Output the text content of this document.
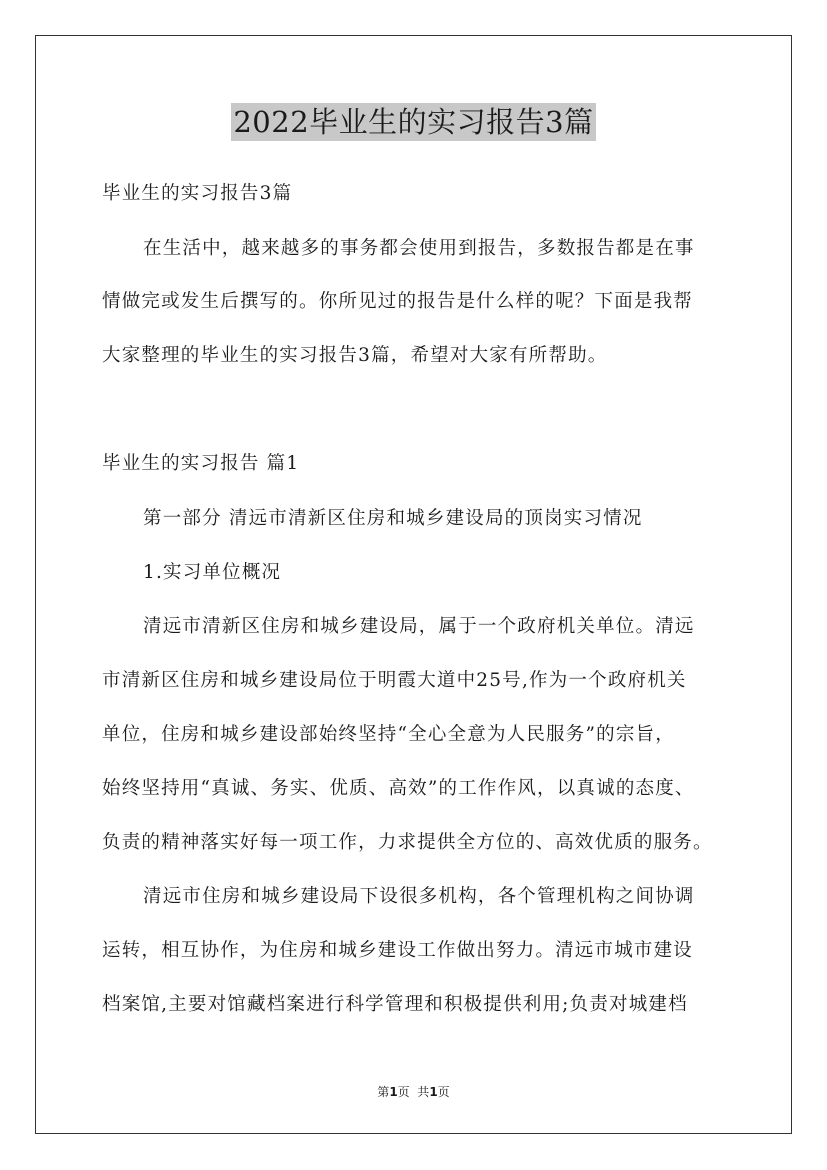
2022毕业生的实习报告3篇
毕业生的实习报告3篇
在生活中，越来越多的事务都会使用到报告，多数报告都是在事
情做完或发生后撰写的。你所见过的报告是什么样的呢？下面是我帮
大家整理的毕业生的实习报告3篇，希望对大家有所帮助。
毕业生的实习报告 篇1
第一部分 清远市清新区住房和城乡建设局的顶岗实习情况
1.实习单位概况
清远市清新区住房和城乡建设局，属于一个政府机关单位。清远
市清新区住房和城乡建设局位于明霞大道中25号,作为一个政府机关
单位，住房和城乡建设部始终坚持“全心全意为人民服务”的宗旨，
始终坚持用“真诚、务实、优质、高效”的工作作风，以真诚的态度、
负责的精神落实好每一项工作，力求提供全方位的、高效优质的服务。
清远市住房和城乡建设局下设很多机构，各个管理机构之间协调
运转，相互协作，为住房和城乡建设工作做出努力。清远市城市建设
档案馆,主要对馆藏档案进行科学管理和积极提供利用;负责对城建档
第1页  共1页
